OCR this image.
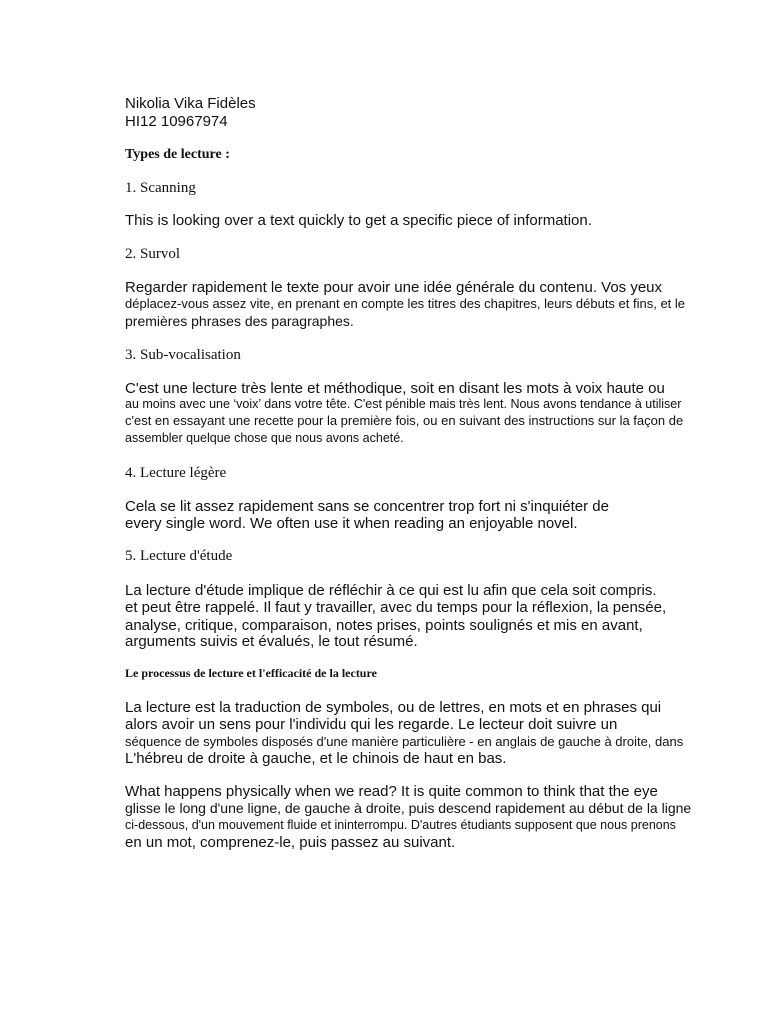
Nikolia Vika Fidèles
HI12 10967974
Types de lecture :
1. Scanning
This is looking over a text quickly to get a specific piece of information.
2. Survol
Regarder rapidement le texte pour avoir une idée générale du contenu. Vos yeux
déplacez-vous assez vite, en prenant en compte les titres des chapitres, leurs débuts et fins, et le
premières phrases des paragraphes.
3. Sub-vocalisation
C'est une lecture très lente et méthodique, soit en disant les mots à voix haute ou
au moins avec une ‘voix’ dans votre tête. C'est pénible mais très lent. Nous avons tendance à utiliser
c'est en essayant une recette pour la première fois, ou en suivant des instructions sur la façon de
assembler quelque chose que nous avons acheté.
4. Lecture légère
Cela se lit assez rapidement sans se concentrer trop fort ni s'inquiéter de
every single word. We often use it when reading an enjoyable novel.
5. Lecture d'étude
La lecture d'étude implique de réfléchir à ce qui est lu afin que cela soit compris.
et peut être rappelé. Il faut y travailler, avec du temps pour la réflexion, la pensée,
analyse, critique, comparaison, notes prises, points soulignés et mis en avant,
arguments suivis et évalués, le tout résumé.
Le processus de lecture et l'efficacité de la lecture
La lecture est la traduction de symboles, ou de lettres, en mots et en phrases qui
alors avoir un sens pour l'individu qui les regarde. Le lecteur doit suivre un
séquence de symboles disposés d'une manière particulière - en anglais de gauche à droite, dans
L'hébreu de droite à gauche, et le chinois de haut en bas.
What happens physically when we read? It is quite common to think that the eye
glisse le long d'une ligne, de gauche à droite, puis descend rapidement au début de la ligne
ci-dessous, d'un mouvement fluide et ininterrompu. D'autres étudiants supposent que nous prenons
en un mot, comprenez-le, puis passez au suivant.
